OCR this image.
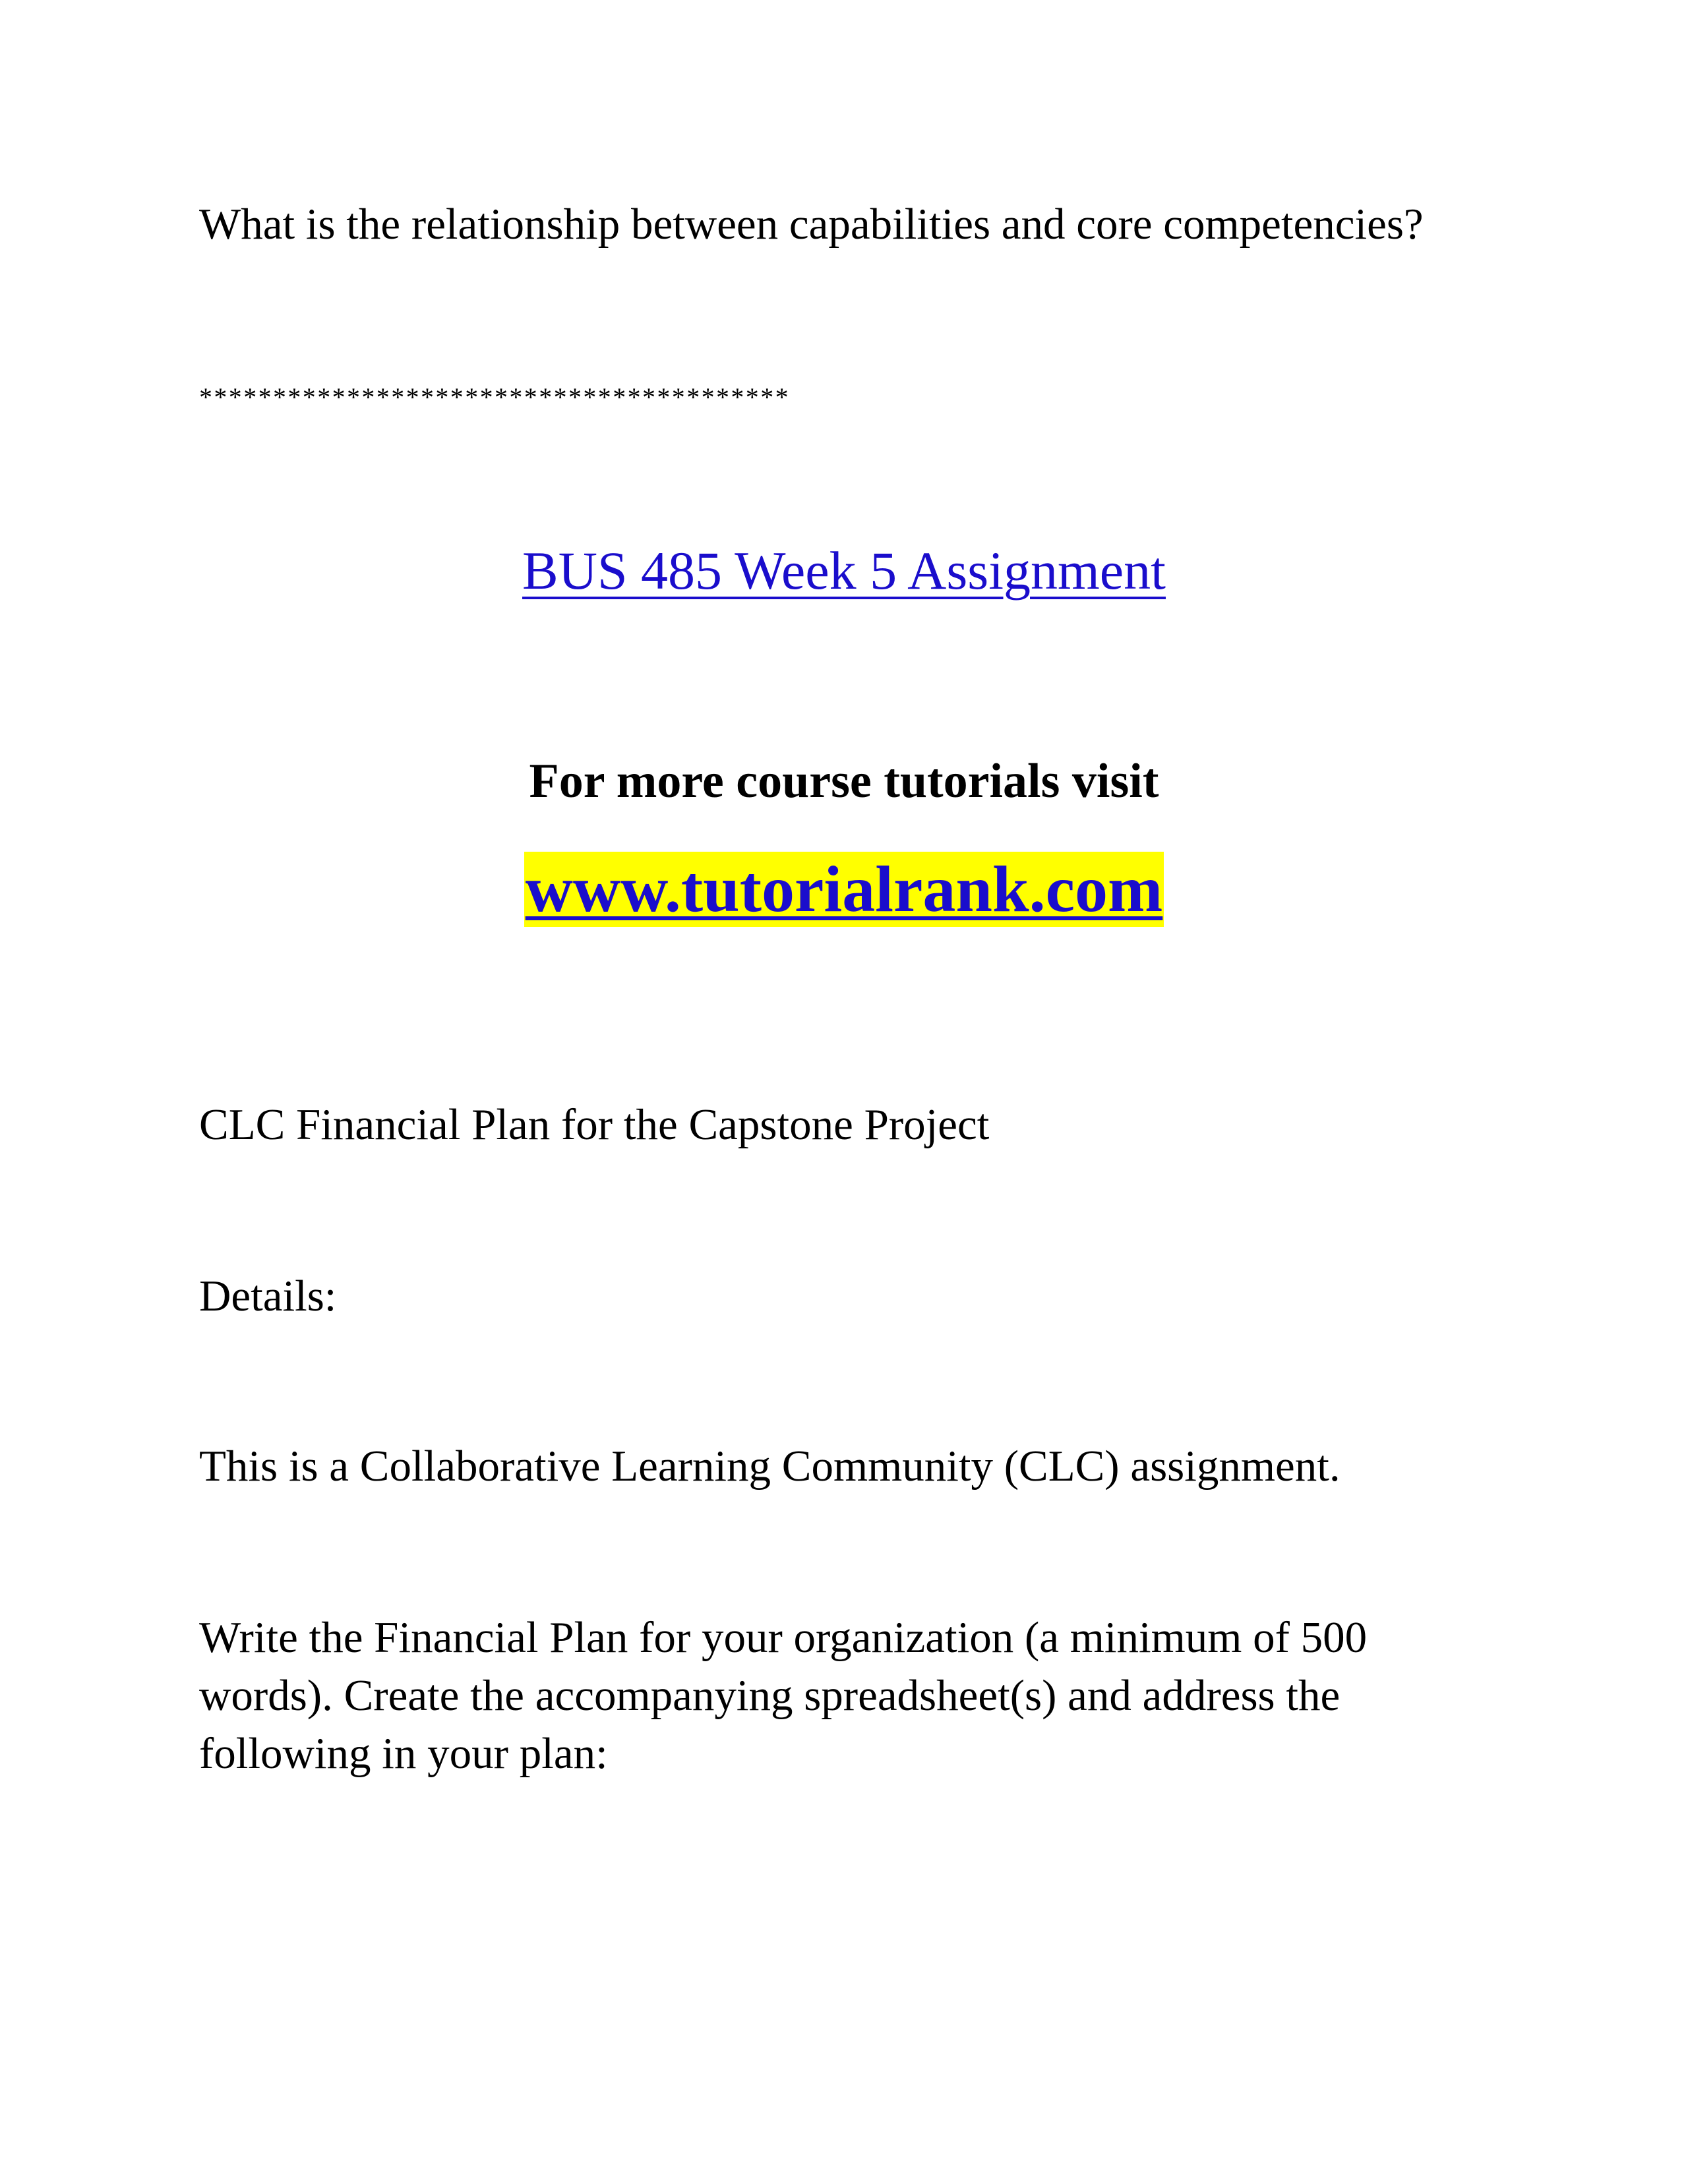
What is the relationship between capabilities and core competencies?

****************************************

BUS 485 Week 5 Assignment

For more course tutorials visit

www.tutorialrank.com

CLC Financial Plan for the Capstone Project

Details:

This is a Collaborative Learning Community (CLC) assignment.

Write the Financial Plan for your organization (a minimum of 500 words). Create the accompanying spreadsheet(s) and address the following in your plan:
